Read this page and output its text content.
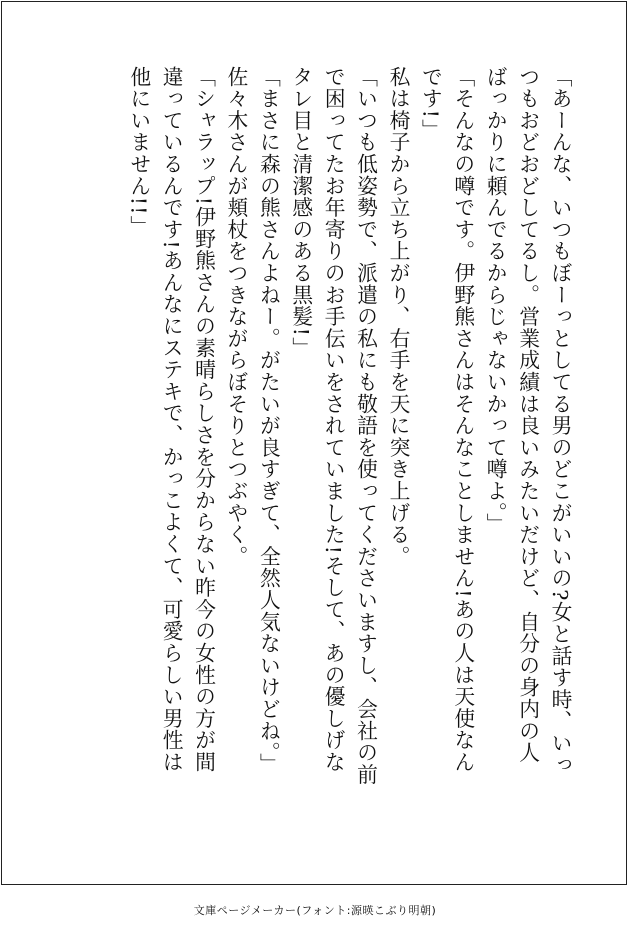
「あーんな、いつもぼーっとしてる男のどこがいいの?女と話す時、いっ
つもおどおどしてるし。営業成績は良いみたいだけど、自分の身内の人
ばっかりに頼んでるからじゃないかって噂よ。」
「そんなの噂です。伊野熊さんはそんなことしません!あの人は天使なん
です!」
私は椅子から立ち上がり、右手を天に突き上げる。
「いつも低姿勢で、派遣の私にも敬語を使ってくださいますし、会社の前
で困ってたお年寄りのお手伝いをされていました!そして、あの優しげな
タレ目と清潔感のある黒髪!」
「まさに森の熊さんよねー。がたいが良すぎて、全然人気ないけどね。」
佐々木さんが頬杖をつきながらぼそりとつぶやく。
「シャラップ!伊野熊さんの素晴らしさを分からない昨今の女性の方が間
違っているんです!あんなにステキで、かっこよくて、可愛らしい男性は
他にいません!!」
文庫ページメーカー(フォント:源暎こぶり明朝)
